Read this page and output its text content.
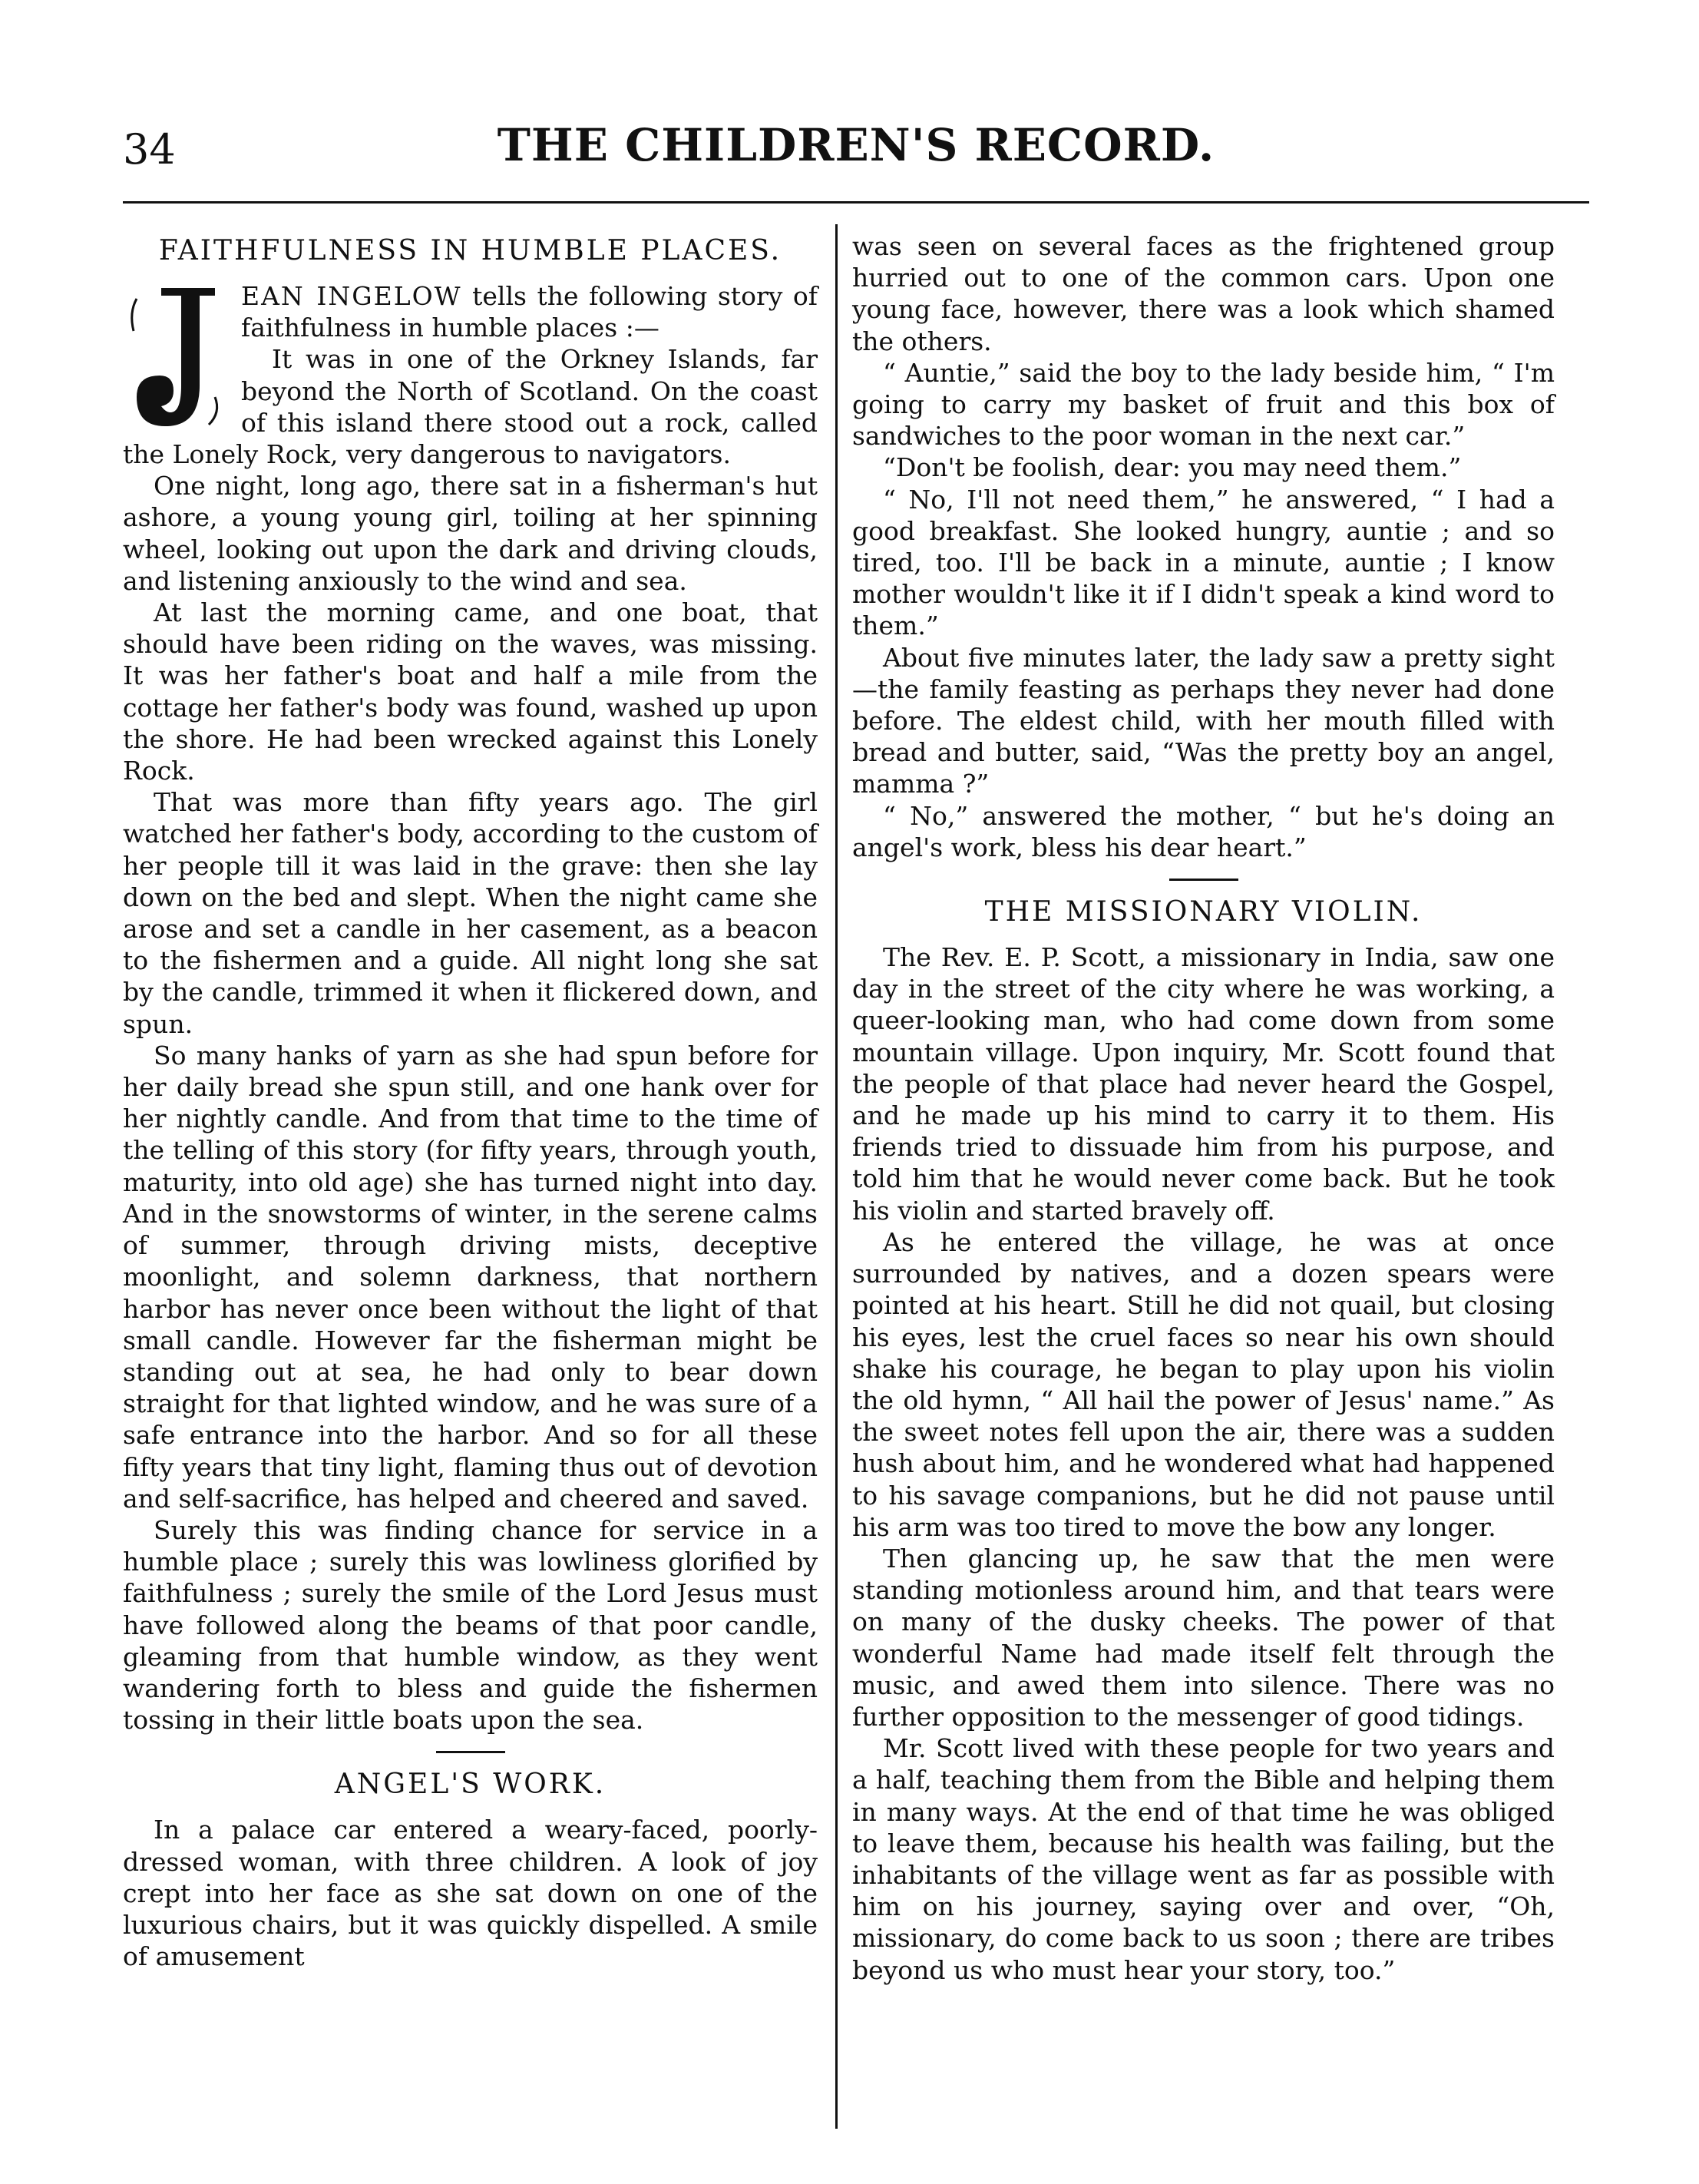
34	THE CHILDREN'S RECORD.
FAITHFULNESS IN HUMBLE PLACES.

EAN INGELOW tells the following story of faithfulness in humble places :—

It was in one of the Orkney Islands, far beyond the North of Scotland. On the coast of this island there stood out a rock, called the Lonely Rock, very dangerous to navigators.

One night, long ago, there sat in a fisherman's hut ashore, a young young girl, toiling at her spinning wheel, looking out upon the dark and driving clouds, and listening anxiously to the wind and sea.

At last the morning came, and one boat, that should have been riding on the waves, was missing. It was her father's boat and half a mile from the cottage her father's body was found, washed up upon the shore. He had been wrecked against this Lonely Rock.

That was more than fifty years ago. The girl watched her father's body, according to the custom of her people till it was laid in the grave: then she lay down on the bed and slept. When the night came she arose and set a candle in her casement, as a beacon to the fishermen and a guide. All night long she sat by the candle, trimmed it when it flickered down, and spun.

So many hanks of yarn as she had spun before for her daily bread she spun still, and one hank over for her nightly candle. And from that time to the time of the telling of this story (for fifty years, through youth, maturity, into old age) she has turned night into day. And in the snowstorms of winter, in the serene calms of summer, through driving mists, deceptive moonlight, and solemn darkness, that northern harbor has never once been without the light of that small candle. However far the fisherman might be standing out at sea, he had only to bear down straight for that lighted window, and he was sure of a safe entrance into the harbor. And so for all these fifty years that tiny light, flaming thus out of devotion and self-sacrifice, has helped and cheered and saved.

Surely this was finding chance for service in a humble place ; surely this was lowliness glorified by faithfulness ; surely the smile of the Lord Jesus must have followed along the beams of that poor candle, gleaming from that humble window, as they went wandering forth to bless and guide the fishermen tossing in their little boats upon the sea.

ANGEL'S WORK.

In a palace car entered a weary-faced, poorly-dressed woman, with three children. A look of joy crept into her face as she sat down on one of the luxurious chairs, but it was quickly dispelled. A smile of amusement

was seen on several faces as the frightened group hurried out to one of the common cars. Upon one young face, however, there was a look which shamed the others.

“ Auntie,” said the boy to the lady beside him, “ I'm going to carry my basket of fruit and this box of sandwiches to the poor woman in the next car.”

“Don't be foolish, dear: you may need them.”

“ No, I'll not need them,” he answered, “ I had a good breakfast. She looked hungry, auntie ; and so tired, too. I'll be back in a minute, auntie ; I know mother wouldn't like it if I didn't speak a kind word to them.”

About five minutes later, the lady saw a pretty sight—the family feasting as perhaps they never had done before. The eldest child, with her mouth filled with bread and butter, said, “Was the pretty boy an angel, mamma ?”

“ No,” answered the mother, “ but he's doing an angel's work, bless his dear heart.”

THE MISSIONARY VIOLIN.

The Rev. E. P. Scott, a missionary in India, saw one day in the street of the city where he was working, a queer-looking man, who had come down from some mountain village. Upon inquiry, Mr. Scott found that the people of that place had never heard the Gospel, and he made up his mind to carry it to them. His friends tried to dissuade him from his purpose, and told him that he would never come back. But he took his violin and started bravely off.

As he entered the village, he was at once surrounded by natives, and a dozen spears were pointed at his heart. Still he did not quail, but closing his eyes, lest the cruel faces so near his own should shake his courage, he began to play upon his violin the old hymn, “ All hail the power of Jesus' name.” As the sweet notes fell upon the air, there was a sudden hush about him, and he wondered what had happened to his savage companions, but he did not pause until his arm was too tired to move the bow any longer.

Then glancing up, he saw that the men were standing motionless around him, and that tears were on many of the dusky cheeks. The power of that wonderful Name had made itself felt through the music, and awed them into silence. There was no further opposition to the messenger of good tidings.

Mr. Scott lived with these people for two years and a half, teaching them from the Bible and helping them in many ways. At the end of that time he was obliged to leave them, because his health was failing, but the inhabitants of the village went as far as possible with him on his journey, saying over and over, “Oh, missionary, do come back to us soon ; there are tribes beyond us who must hear your story, too.”
